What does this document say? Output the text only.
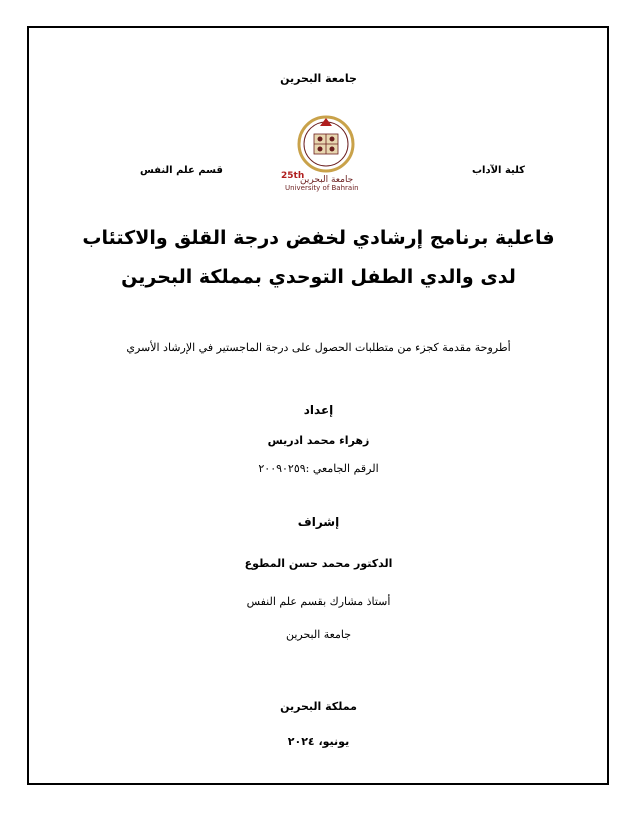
جامعة البحرين
كلية الآداب
قسم علم النفس	25th
جامعة البحرين
University of Bahrain
فاعلية برنامج إرشادي لخفض درجة القلق والاكتئاب
لدى والدي الطفل التوحدي بمملكة البحرين
أطروحة مقدمة كجزء من متطلبات الحصول على درجة الماجستير في الإرشاد الأسري
إعداد
زهراء محمد ادريس
الرقم الجامعي :٢٠٠٩٠٢٥٩
إشراف
الدكتور محمد حسن المطوع
أستاذ مشارك بقسم علم النفس
جامعة البحرين
مملكة البحرين
يونيو، ٢٠٢٤
